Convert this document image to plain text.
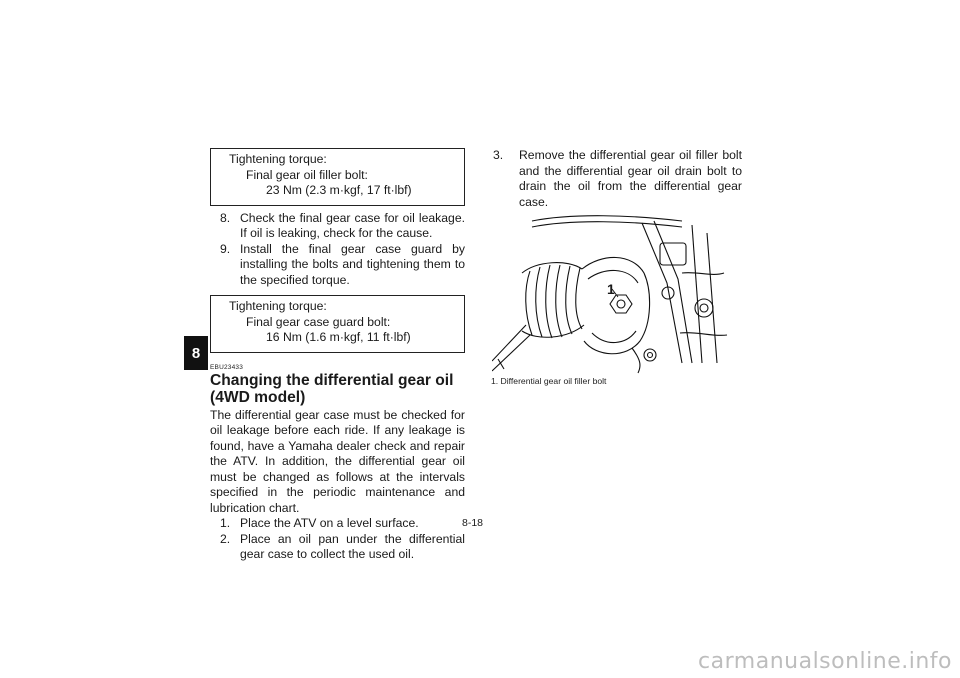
8
Tightening torque:
Final gear oil filler bolt:
23 Nm (2.3 m·kgf, 17 ft·lbf)
8. Check the final gear case for oil leakage. If oil is leaking, check for the cause.
9. Install the final gear case guard by installing the bolts and tightening them to the specified torque.
Tightening torque:
Final gear case guard bolt:
16 Nm (1.6 m·kgf, 11 ft·lbf)
EBU23433
Changing the differential gear oil (4WD model)
The differential gear case must be checked for oil leakage before each ride. If any leakage is found, have a Yamaha dealer check and repair the ATV. In addition, the differential gear oil must be changed as follows at the intervals specified in the periodic maintenance and lubrication chart.
1. Place the ATV on a level surface.
2. Place an oil pan under the differential gear case to collect the used oil.
3. Remove the differential gear oil filler bolt and the differential gear oil drain bolt to drain the oil from the differential gear case.
1
1. Differential gear oil filler bolt
8-18
carmanualsonline.info
